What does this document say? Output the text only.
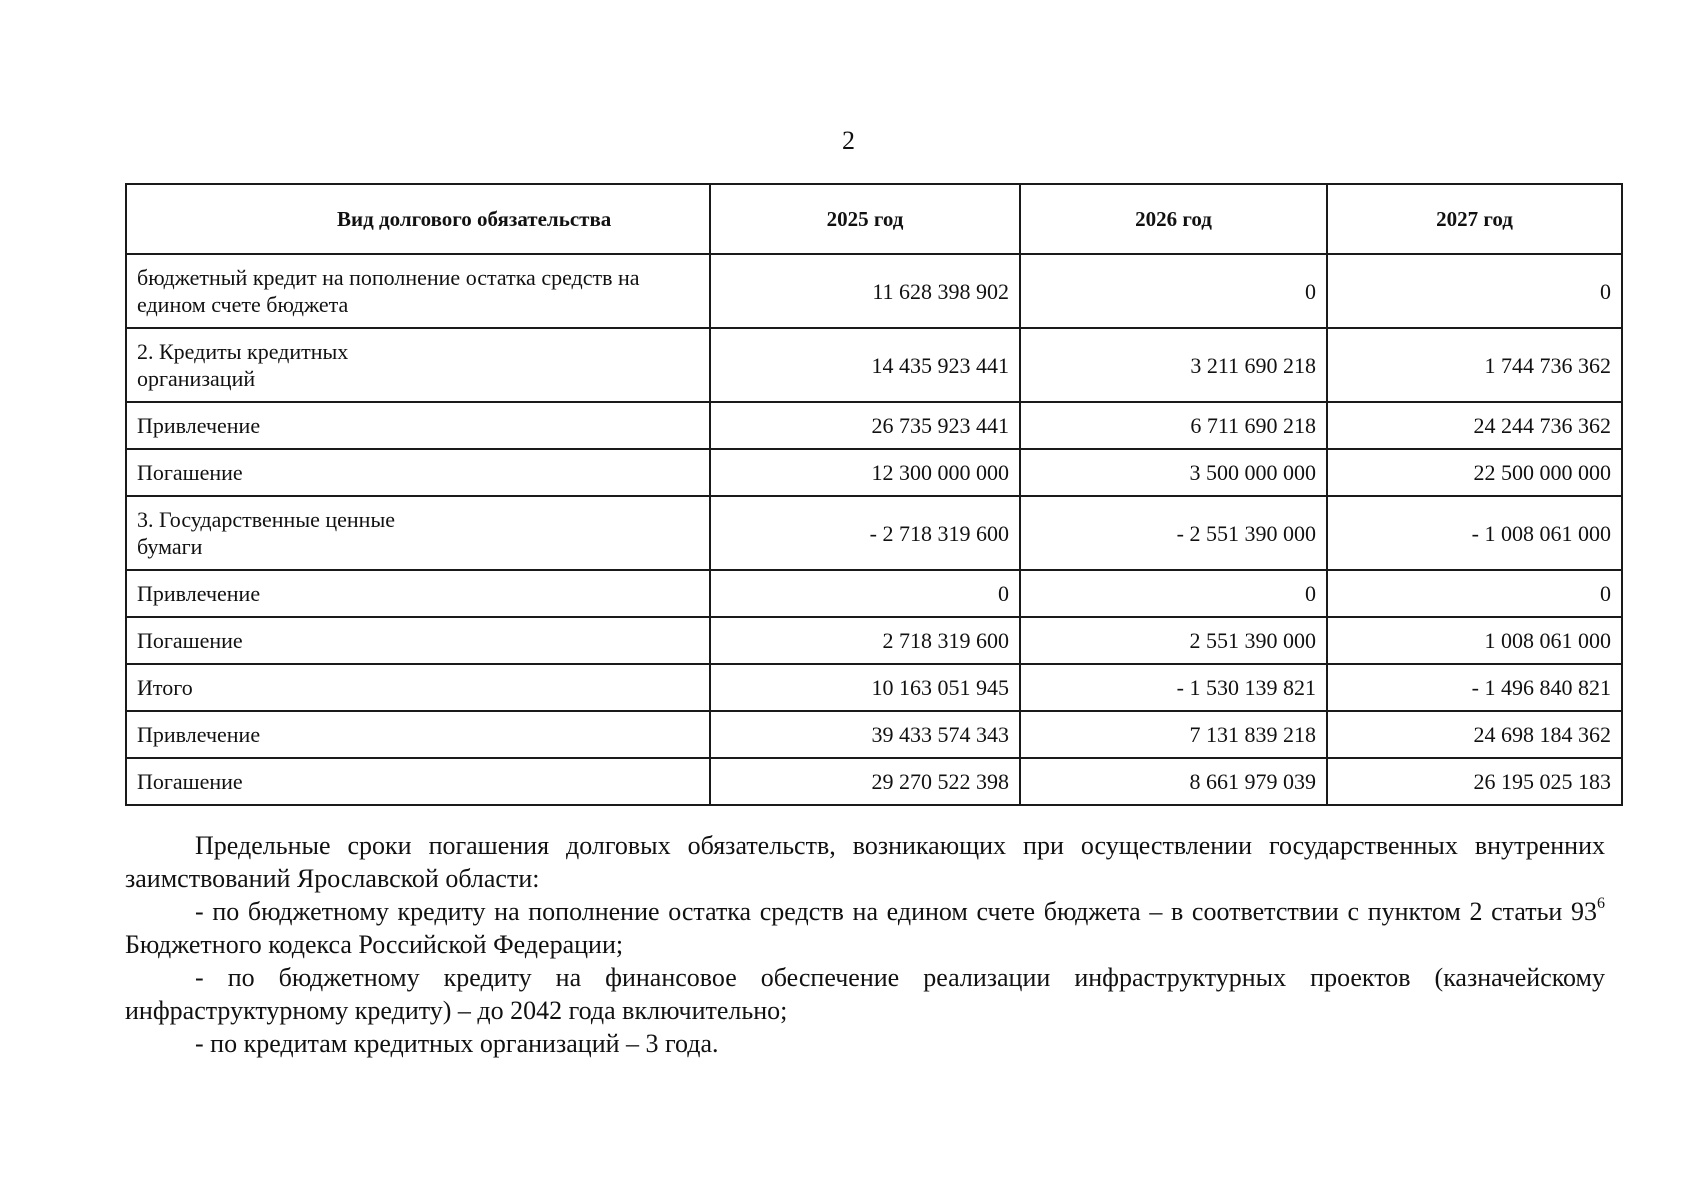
2
Вид долгового обязательства	2025 год	2026 год	2027 год
бюджетный кредит на пополнение остатка средств на едином счете бюджета	11 628 398 902	0	0
2. Кредиты кредитных организаций	14 435 923 441	3 211 690 218	1 744 736 362
Привлечение	26 735 923 441	6 711 690 218	24 244 736 362
Погашение	12 300 000 000	3 500 000 000	22 500 000 000
3. Государственные ценные бумаги	- 2 718 319 600	- 2 551 390 000	- 1 008 061 000
Привлечение	0	0	0
Погашение	2 718 319 600	2 551 390 000	1 008 061 000
Итого	10 163 051 945	- 1 530 139 821	- 1 496 840 821
Привлечение	39 433 574 343	7 131 839 218	24 698 184 362
Погашение	29 270 522 398	8 661 979 039	26 195 025 183

Предельные сроки погашения долговых обязательств, возникающих при осуществлении государственных внутренних заимствований Ярославской области:

- по бюджетному кредиту на пополнение остатка средств на едином счете бюджета – в соответствии с пунктом 2 статьи $93^6$ Бюджетного кодекса Российской Федерации;

- по бюджетному кредиту на финансовое обеспечение реализации инфраструктурных проектов (казначейскому инфраструктурному кредиту) – до 2042 года включительно;

- по кредитам кредитных организаций – 3 года.
